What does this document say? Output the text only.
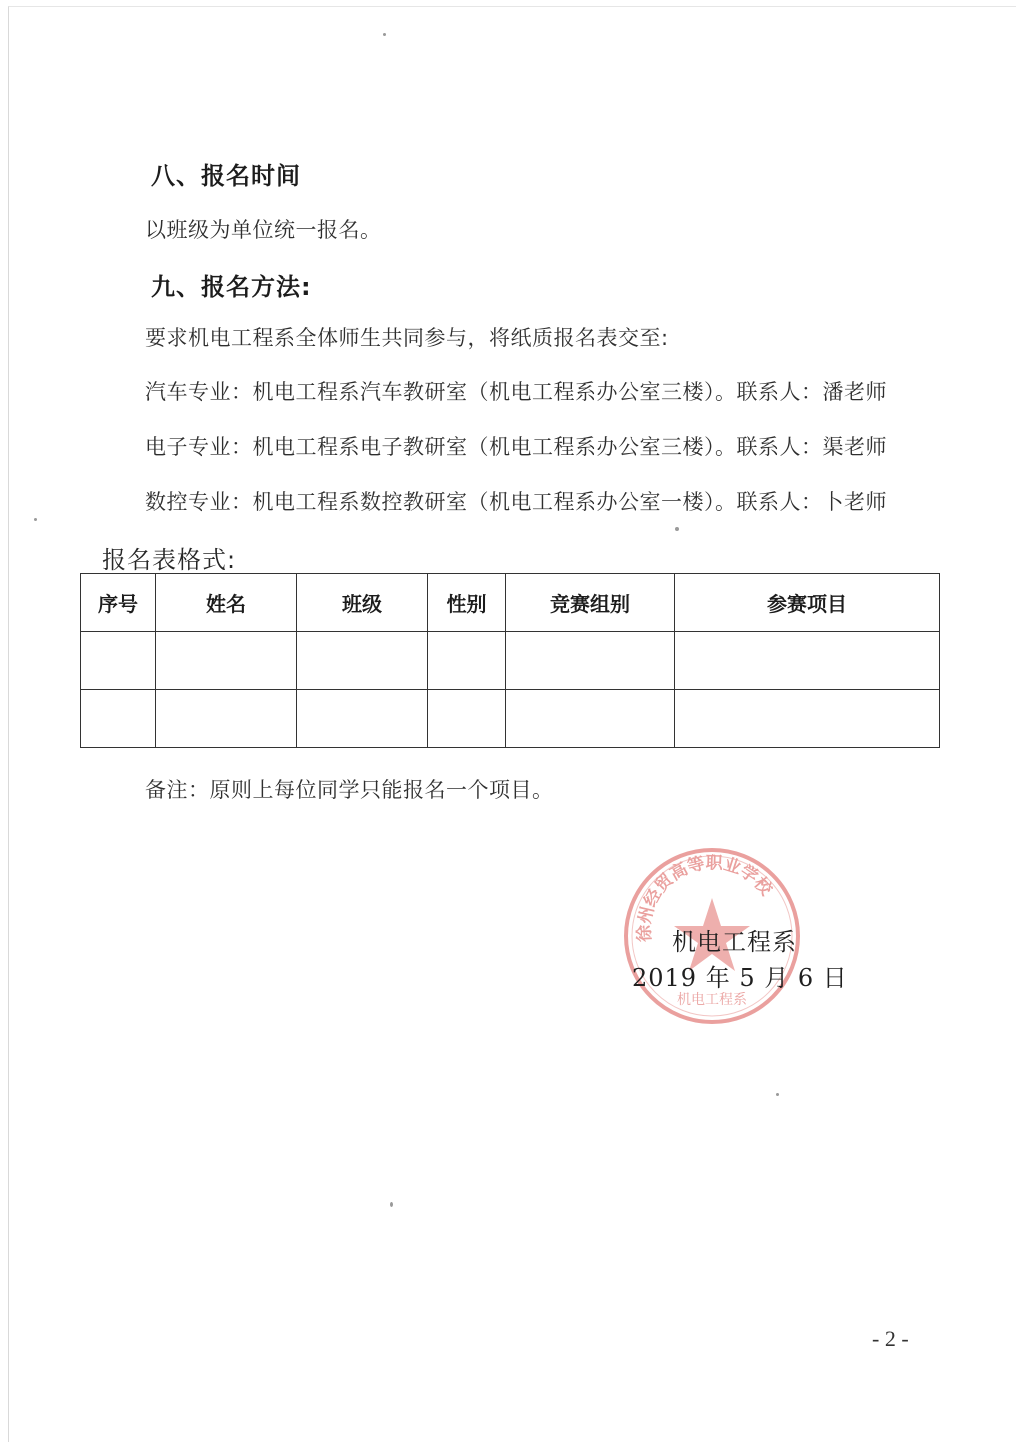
八、报名时间
以班级为单位统一报名。
九、报名方法:
要求机电工程系全体师生共同参与，将纸质报名表交至:
汽车专业：机电工程系汽车教研室（机电工程系办公室三楼）。联系人：潘老师
电子专业：机电工程系电子教研室（机电工程系办公室三楼）。联系人：渠老师
数控专业：机电工程系数控教研室（机电工程系办公室一楼）。联系人：卜老师
报名表格式:
序号	姓名	班级	性别	竞赛组别	参赛项目

备注：原则上每位同学只能报名一个项目。
徐州经贸高等职业学校
机电工程系
机电工程系
2019 年 5 月 6 日
- 2 -
